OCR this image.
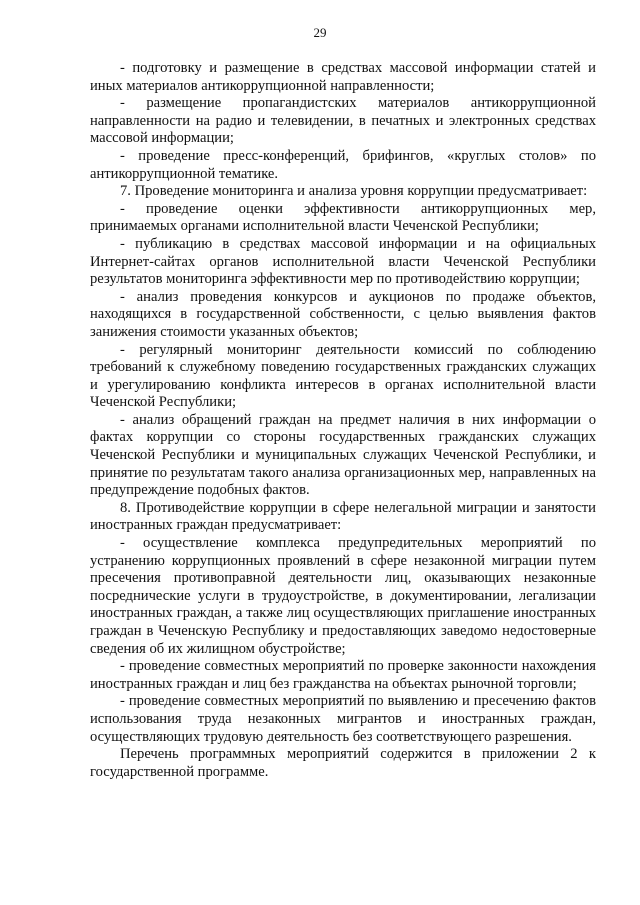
29

- подготовку и размещение в средствах массовой информации статей и иных материалов антикоррупционной направленности;

- размещение пропагандистских материалов антикоррупционной направленности на радио и телевидении, в печатных и электронных средствах массовой информации;

- проведение пресс-конференций, брифингов, «круглых столов» по антикоррупционной тематике.

7. Проведение мониторинга и анализа уровня коррупции предусматривает:

- проведение оценки эффективности антикоррупционных мер, принимаемых органами исполнительной власти Чеченской Республики;

- публикацию в средствах массовой информации и на официальных Интернет-сайтах органов исполнительной власти Чеченской Республики результатов мониторинга эффективности мер по противодействию коррупции;

- анализ проведения конкурсов и аукционов по продаже объектов, находящихся в государственной собственности, с целью выявления фактов занижения стоимости указанных объектов;

- регулярный мониторинг деятельности комиссий по соблюдению требований к служебному поведению государственных гражданских служащих и урегулированию конфликта интересов в органах исполнительной власти Чеченской Республики;

- анализ обращений граждан на предмет наличия в них информации о фактах коррупции со стороны государственных гражданских служащих Чеченской Республики и муниципальных служащих Чеченской Республики, и принятие по результатам такого анализа организационных мер, направленных на предупреждение подобных фактов.

8. Противодействие коррупции в сфере нелегальной миграции и занятости иностранных граждан предусматривает:

- осуществление комплекса предупредительных мероприятий по устранению коррупционных проявлений в сфере незаконной миграции путем пресечения противоправной деятельности лиц, оказывающих незаконные посреднические услуги в трудоустройстве, в документировании, легализации иностранных граждан, а также лиц осуществляющих приглашение иностранных граждан в Чеченскую Республику и предоставляющих заведомо недостоверные сведения об их жилищном обустройстве;

- проведение совместных мероприятий по проверке законности нахождения иностранных граждан и лиц без гражданства на объектах рыночной торговли;

- проведение совместных мероприятий по выявлению и пресечению фактов использования труда незаконных мигрантов и иностранных граждан, осуществляющих трудовую деятельность без соответствующего разрешения.

Перечень программных мероприятий содержится в приложении 2 к государственной программе.
